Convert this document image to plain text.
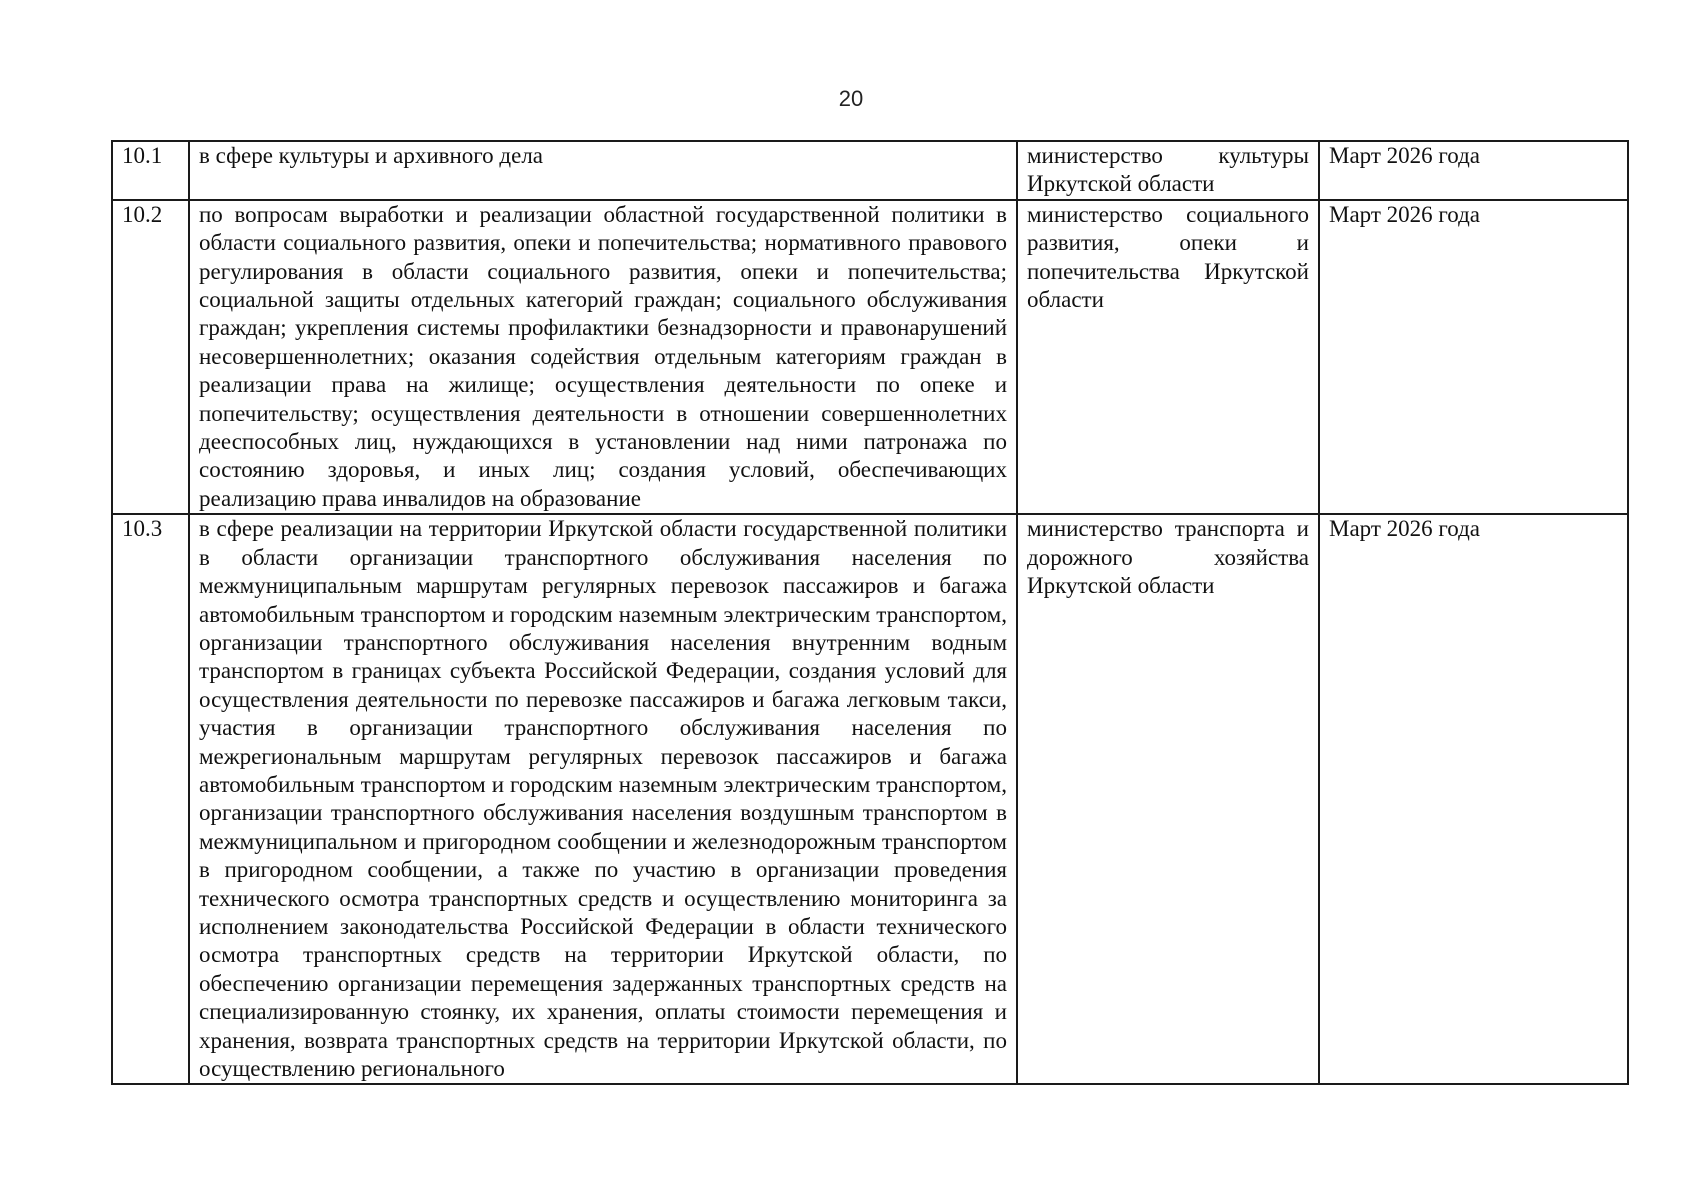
20
10.1	в сфере культуры и архивного дела	министерство культуры Иркутской области	Март 2026 года

10.2	по вопросам выработки и реализации областной государственной политики в области социального развития, опеки и попечительства; нормативного правового регулирования в области социального развития, опеки и попечительства; социальной защиты отдельных категорий граждан; социального обслуживания граждан; укрепления системы профилактики безнадзорности и правонарушений несовершеннолетних; оказания содействия отдельным категориям граждан в реализации права на жилище; осуществления деятельности по опеке и попечительству; осуществления деятельности в отношении совершеннолетних дееспособных лиц, нуждающихся в установлении над ними патронажа по состоянию здоровья, и иных лиц; создания условий, обеспечивающих реализацию права инвалидов на образование	министерство социального развития, опеки и попечительства Иркутской области	Март 2026 года

10.3	в сфере реализации на территории Иркутской области государственной политики в области организации транспортного обслуживания населения по межмуниципальным маршрутам регулярных перевозок пассажиров и багажа автомобильным транспортом и городским наземным электрическим транспортом, организации транспортного обслуживания населения внутренним водным транспортом в границах субъекта Российской Федерации, создания условий для осуществления деятельности по перевозке пассажиров и багажа легковым такси, участия в организации транспортного обслуживания населения по межрегиональным маршрутам регулярных перевозок пассажиров и багажа автомобильным транспортом и городским наземным электрическим транспортом, организации транспортного обслуживания населения воздушным транспортом в межмуниципальном и пригородном сообщении и железнодорожным транспортом в пригородном сообщении, а также по участию в организации проведения технического осмотра транспортных средств и осуществлению мониторинга за исполнением законодательства Российской Федерации в области технического осмотра транспортных средств на территории Иркутской области, по обеспечению организации перемещения задержанных транспортных средств на специализированную стоянку, их хранения, оплаты стоимости перемещения и хранения, возврата транспортных средств на территории Иркутской области, по осуществлению регионального	министерство транспорта и дорожного хозяйства Иркутской области	Март 2026 года
